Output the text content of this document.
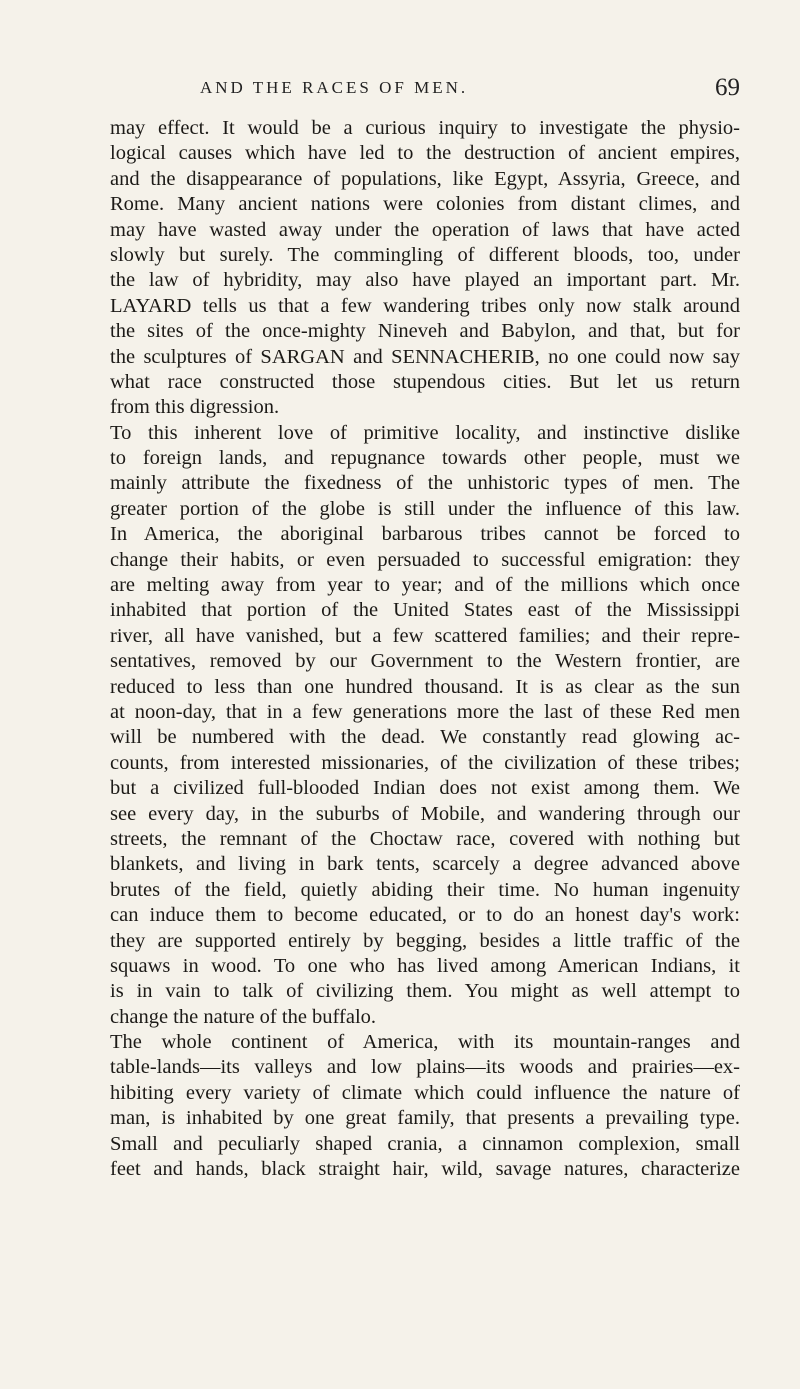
AND THE RACES OF MEN.	69
may effect. It would be a curious inquiry to investigate the physio-
logical causes which have led to the destruction of ancient empires,
and the disappearance of populations, like Egypt, Assyria, Greece, and
Rome. Many ancient nations were colonies from distant climes, and
may have wasted away under the operation of laws that have acted
slowly but surely. The commingling of different bloods, too, under
the law of hybridity, may also have played an important part. Mr.
LAYARD tells us that a few wandering tribes only now stalk around
the sites of the once-mighty Nineveh and Babylon, and that, but for
the sculptures of SARGAN and SENNACHERIB, no one could now say
what race constructed those stupendous cities. But let us return
from this digression.
To this inherent love of primitive locality, and instinctive dislike
to foreign lands, and repugnance towards other people, must we
mainly attribute the fixedness of the unhistoric types of men. The
greater portion of the globe is still under the influence of this law.
In America, the aboriginal barbarous tribes cannot be forced to
change their habits, or even persuaded to successful emigration: they
are melting away from year to year; and of the millions which once
inhabited that portion of the United States east of the Mississippi
river, all have vanished, but a few scattered families; and their repre-
sentatives, removed by our Government to the Western frontier, are
reduced to less than one hundred thousand. It is as clear as the sun
at noon-day, that in a few generations more the last of these Red men
will be numbered with the dead. We constantly read glowing ac-
counts, from interested missionaries, of the civilization of these tribes;
but a civilized full-blooded Indian does not exist among them. We
see every day, in the suburbs of Mobile, and wandering through our
streets, the remnant of the Choctaw race, covered with nothing but
blankets, and living in bark tents, scarcely a degree advanced above
brutes of the field, quietly abiding their time. No human ingenuity
can induce them to become educated, or to do an honest day's work:
they are supported entirely by begging, besides a little traffic of the
squaws in wood. To one who has lived among American Indians, it
is in vain to talk of civilizing them. You might as well attempt to
change the nature of the buffalo.
The whole continent of America, with its mountain-ranges and
table-lands—its valleys and low plains—its woods and prairies—ex-
hibiting every variety of climate which could influence the nature of
man, is inhabited by one great family, that presents a prevailing type.
Small and peculiarly shaped crania, a cinnamon complexion, small
feet and hands, black straight hair, wild, savage natures, characterize
